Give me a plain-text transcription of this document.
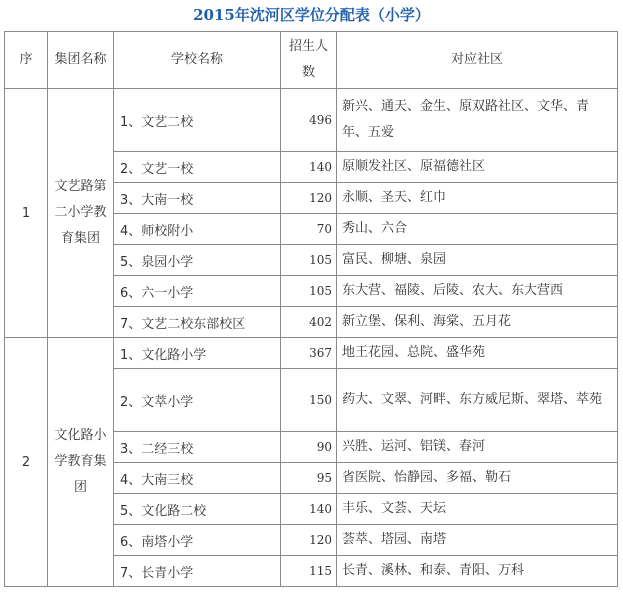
2015年沈河区学位分配表（小学）
序	集团名称	学校名称	招生人数	对应社区
1	文艺路第二小学教育集团	1、文艺二校	496	新兴、通天、金生、原双路社区、文华、青年、五爱
		2、文艺一校	140	原顺发社区、原福德社区
		3、大南一校	120	永顺、圣天、红巾
		4、师校附小	70	秀山、六合
		5、泉园小学	105	富民、柳塘、泉园
		6、六一小学	105	东大营、福陵、后陵、农大、东大营西
		7、文艺二校东部校区	402	新立堡、保利、海棠、五月花
2	文化路小学教育集团	1、文化路小学	367	地王花园、总院、盛华苑
		2、文萃小学	150	药大、文翠、河畔、东方威尼斯、翠塔、萃苑
		3、二经三校	90	兴胜、运河、铝镁、春河
		4、大南三校	95	省医院、怡静园、多福、勒石
		5、文化路二校	140	丰乐、文荟、天坛
		6、南塔小学	120	荟萃、塔园、南塔
		7、长青小学	115	长青、溪林、和泰、青阳、万科
